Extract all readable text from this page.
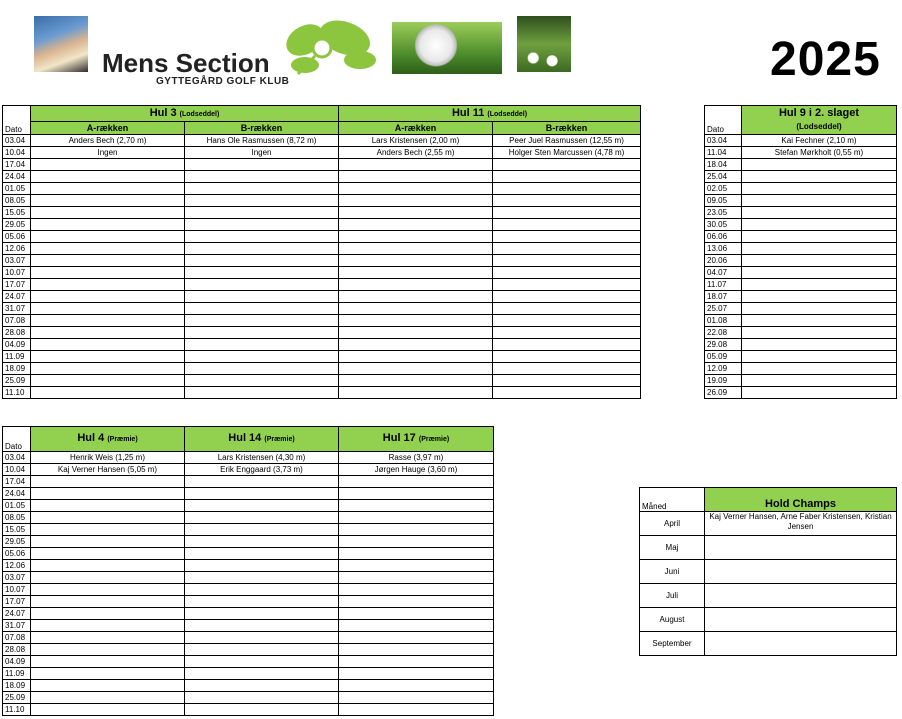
Mens Section
GYTTEGÅRD GOLF KLUB	2025
Dato	Hul 3 (Lodseddel)		Hul 11 (Lodseddel)	

	A-rækken	B-rækken	A-rækken	B-rækken
03.04	Anders Bech (2,70 m)	Hans Ole Rasmussen (8,72 m)	Lars Kristensen (2,00 m)	Peer Juel Rasmussen (12,55 m)
10.04	Ingen	Ingen	Anders Bech (2,55 m)	Holger Sten Marcussen (4,78 m)
17.04				
24.04				
01.05				
08.05				
15.05				
29.05				
05.06				
12.06				
03.07				
10.07				
17.07				
24.07				
31.07				
07.08				
28.08				
04.09				
11.09				
18.09				
25.09				
11.10				
Dato	Hul 9 i 2. slaget
(Lodseddel)

03.04	Kai Fechner (2,10 m)
11.04	Stefan Mørkholt (0,55 m)
18.04	
25.04	
02.05	
09.05	
23.05	
30.05	
06.06	
13.06	
20.06	
04.07	
11.07	
18.07	
25.07	
01.08	
22.08	
29.08	
05.09	
12.09	
19.09	
26.09	
Dato	Hul 4 (Præmie)	Hul 14 (Præmie)	Hul 17 (Præmie)

03.04	Henrik Weis (1,25 m)	Lars Kristensen (4,30 m)	Rasse (3,97 m)
10.04	Kaj Verner Hansen (5,05 m)	Erik Enggaard (3,73 m)	Jørgen Hauge (3,60 m)
17.04			
24.04			
01.05			
08.05			
15.05			
29.05			
05.06			
12.06			
03.07			
10.07			
17.07			
24.07			
31.07			
07.08			
28.08			
04.09			
11.09			
18.09			
25.09			
11.10			
Måned	Hold Champs

April	Kaj Verner Hansen, Arne Faber Kristensen, Kristian Jensen
Maj	
Juni	
Juli	
August	
September	
